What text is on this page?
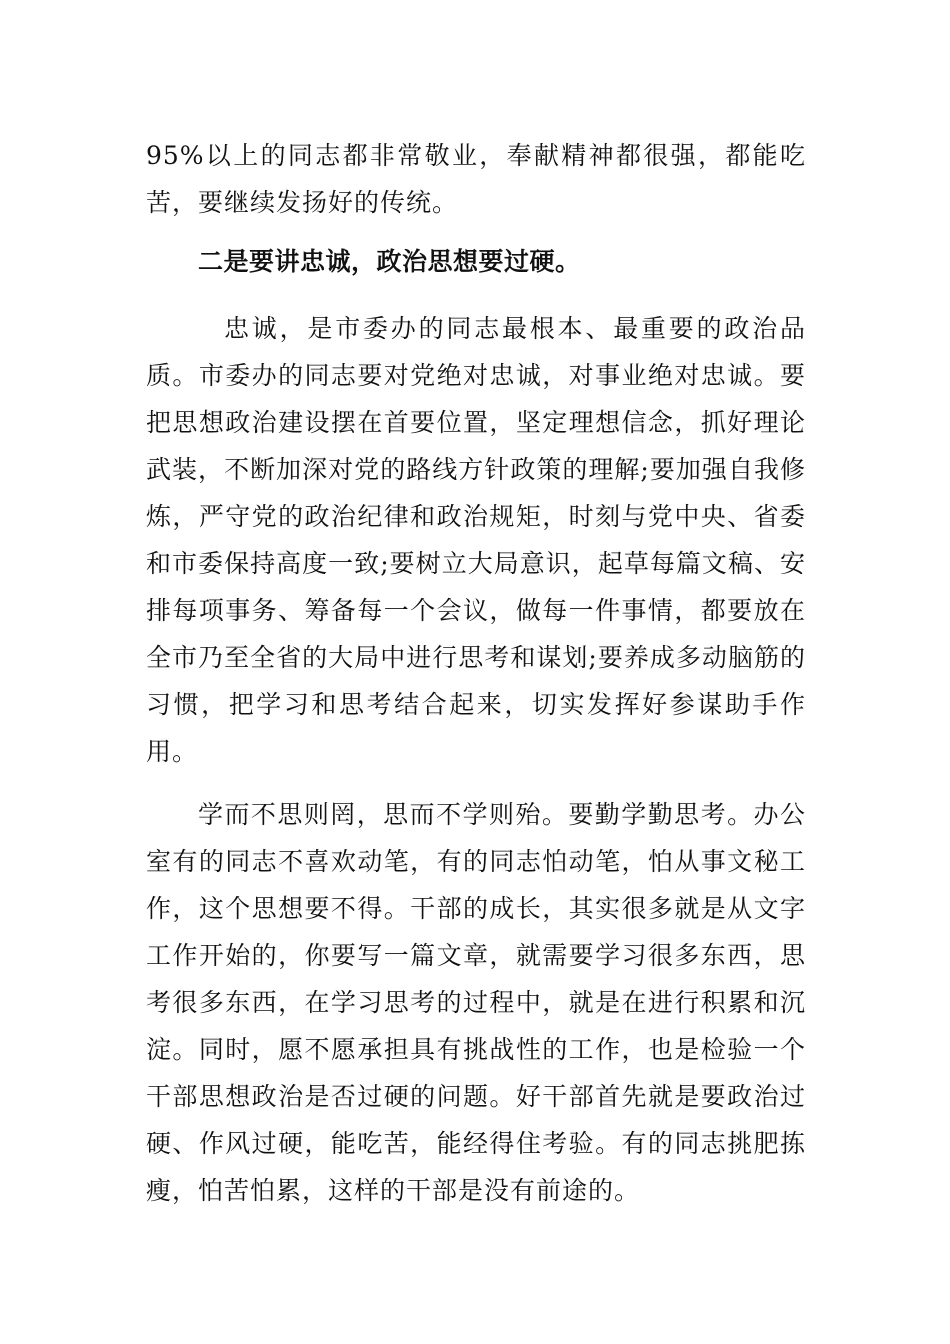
95%以上的同志都非常敬业，奉献精神都很强，都能吃苦，要继续发扬好的传统。

二是要讲忠诚，政治思想要过硬。

忠诚，是市委办的同志最根本、最重要的政治品质。市委办的同志要对党绝对忠诚，对事业绝对忠诚。要把思想政治建设摆在首要位置，坚定理想信念，抓好理论武装，不断加深对党的路线方针政策的理解;要加强自我修炼，严守党的政治纪律和政治规矩，时刻与党中央、省委和市委保持高度一致;要树立大局意识，起草每篇文稿、安排每项事务、筹备每一个会议，做每一件事情，都要放在全市乃至全省的大局中进行思考和谋划;要养成多动脑筋的习惯，把学习和思考结合起来，切实发挥好参谋助手作用。

学而不思则罔，思而不学则殆。要勤学勤思考。办公室有的同志不喜欢动笔，有的同志怕动笔，怕从事文秘工作，这个思想要不得。干部的成长，其实很多就是从文字工作开始的，你要写一篇文章，就需要学习很多东西，思考很多东西，在学习思考的过程中，就是在进行积累和沉淀。同时，愿不愿承担具有挑战性的工作，也是检验一个干部思想政治是否过硬的问题。好干部首先就是要政治过硬、作风过硬，能吃苦，能经得住考验。有的同志挑肥拣瘦，怕苦怕累，这样的干部是没有前途的。
